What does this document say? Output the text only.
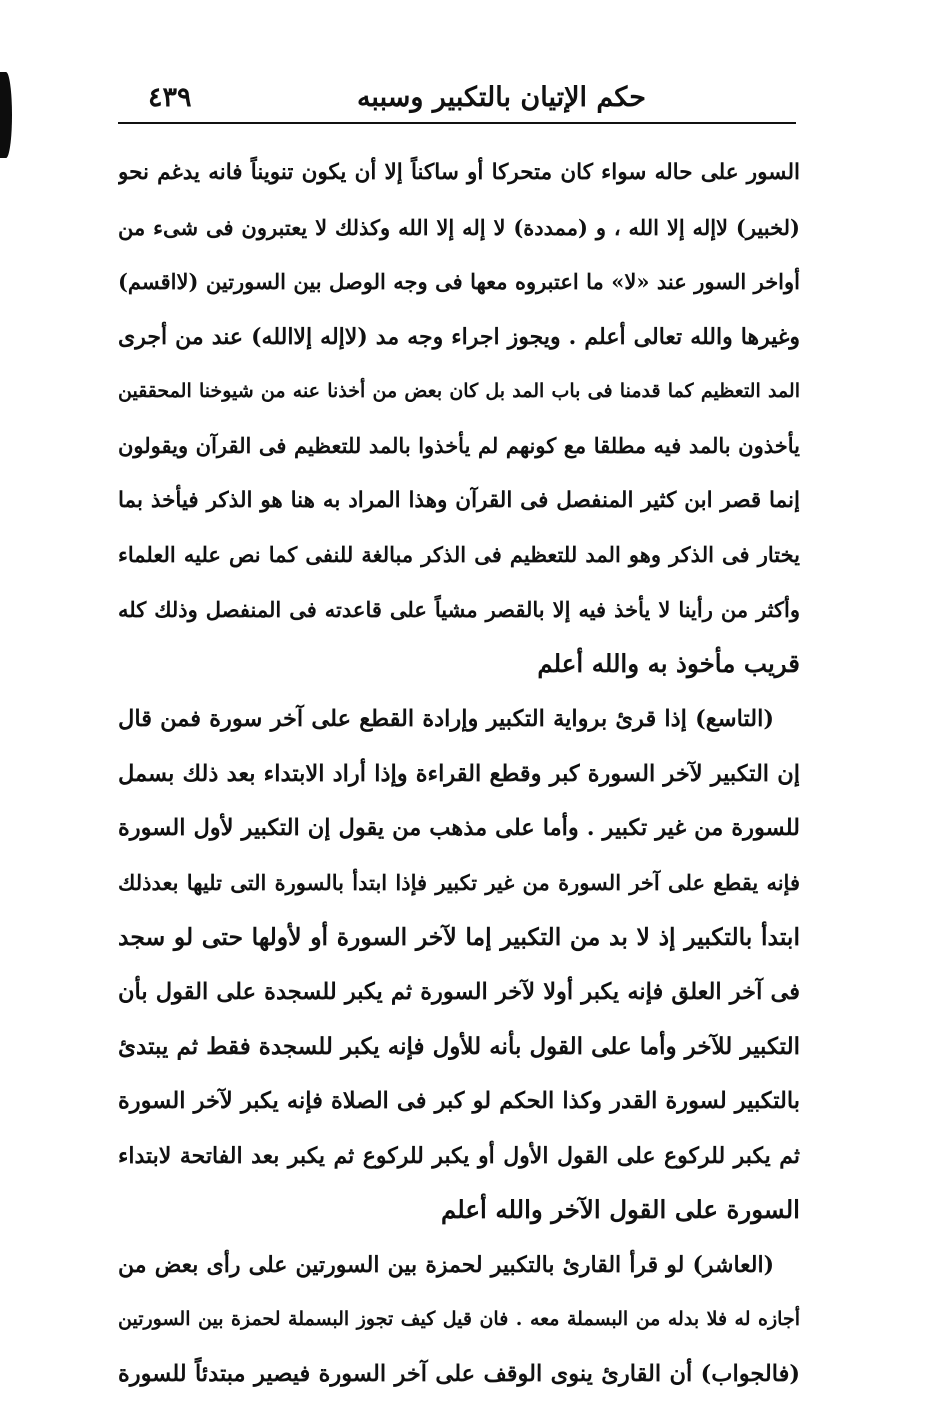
حكم الإتيان بالتكبير وسببه
٤٣٩
السور على حاله سواء كان متحركا أو ساكناً إلا أن يكون تنويناً فانه يدغم نحو
(لخبير) لاإله إلا الله ، و (ممددة) لا إله إلا الله وكذلك لا يعتبرون فى شىء من
أواخر السور عند «لا» ما اعتبروه معها فى وجه الوصل بين السورتين (لااقسم)
وغيرها والله تعالى أعلم . ويجوز اجراء وجه مد (لاإله إلاالله) عند من أجرى
المد التعظيم كما قدمنا فى باب المد بل كان بعض من أخذنا عنه من شيوخنا المحققين
يأخذون بالمد فيه مطلقا مع كونهم لم يأخذوا بالمد للتعظيم فى القرآن ويقولون
إنما قصر ابن كثير المنفصل فى القرآن وهذا المراد به هنا هو الذكر فيأخذ بما
يختار فى الذكر وهو المد للتعظيم فى الذكر مبالغة للنفى كما نص عليه العلماء
وأكثر من رأينا لا يأخذ فيه إلا بالقصر مشياً على قاعدته فى المنفصل وذلك كله
قريب مأخوذ به والله أعلم
(التاسع) إذا قرئ برواية التكبير وإرادة القطع على آخر سورة فمن قال
إن التكبير لآخر السورة كبر وقطع القراءة وإذا أراد الابتداء بعد ذلك بسمل
للسورة من غير تكبير . وأما على مذهب من يقول إن التكبير لأول السورة
فإنه يقطع على آخر السورة من غير تكبير فإذا ابتدأ بالسورة التى تليها بعدذلك
ابتدأ بالتكبير إذ لا بد من التكبير إما لآخر السورة أو لأولها حتى لو سجد
فى آخر العلق فإنه يكبر أولا لآخر السورة ثم يكبر للسجدة على القول بأن
التكبير للآخر وأما على القول بأنه للأول فإنه يكبر للسجدة فقط ثم يبتدئ
بالتكبير لسورة القدر وكذا الحكم لو كبر فى الصلاة فإنه يكبر لآخر السورة
ثم يكبر للركوع على القول الأول أو يكبر للركوع ثم يكبر بعد الفاتحة لابتداء
السورة على القول الآخر والله أعلم
(العاشر) لو قرأ القارئ بالتكبير لحمزة بين السورتين على رأى بعض من
أجازه له فلا بدله من البسملة معه . فان قيل كيف تجوز البسملة لحمزة بين السورتين
(فالجواب) أن القارئ ينوى الوقف على آخر السورة فيصير مبتدئاً للسورة
